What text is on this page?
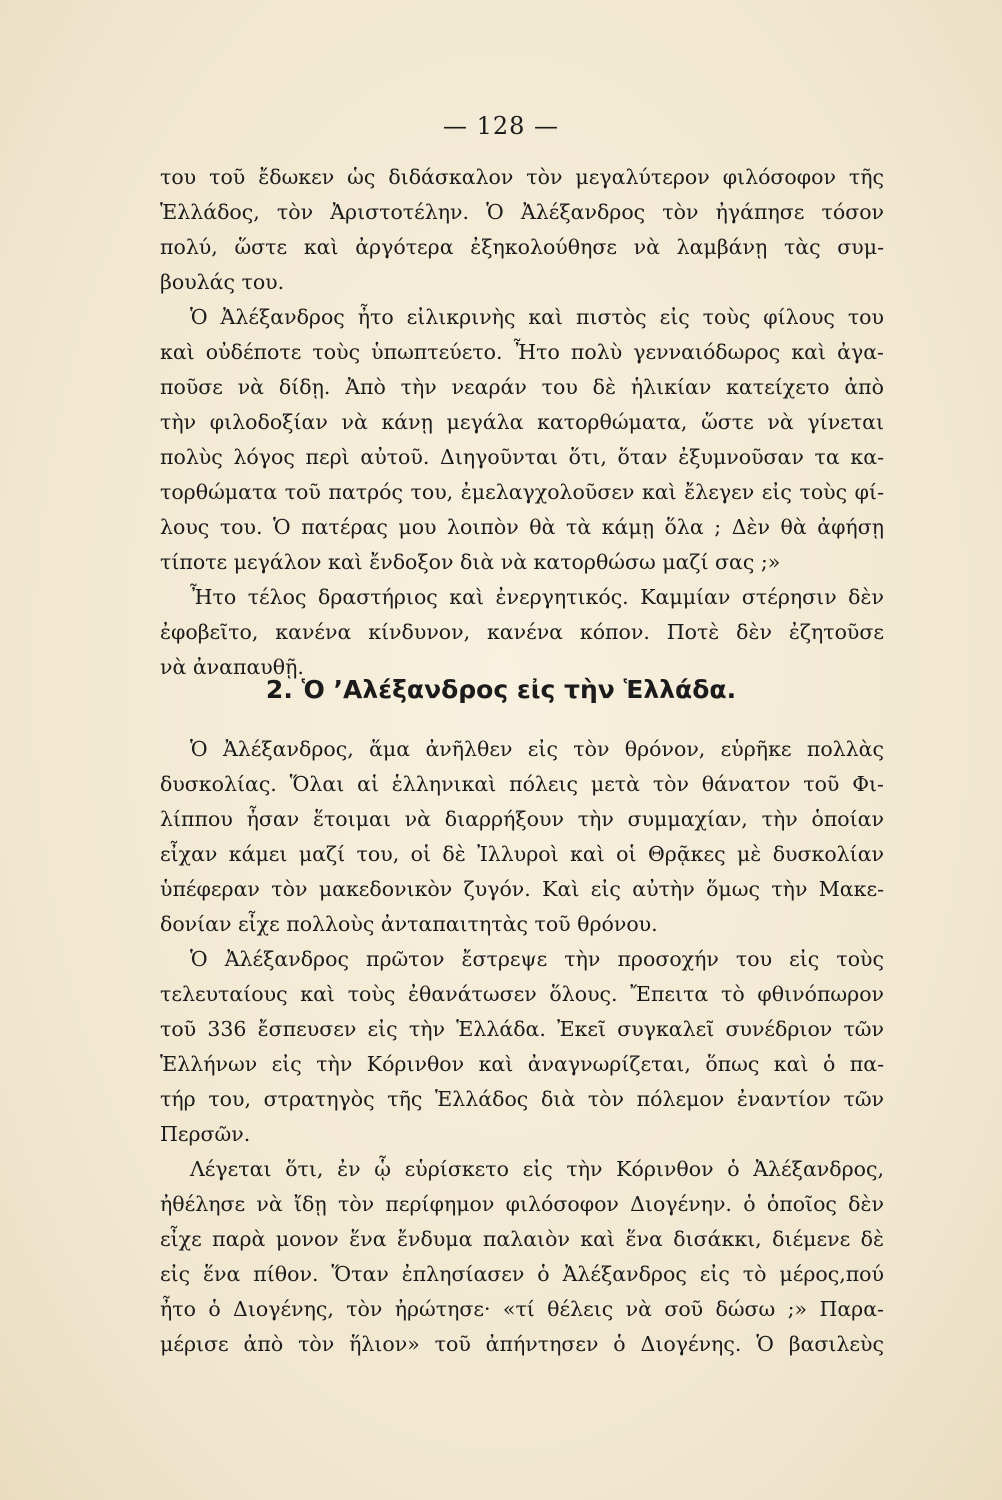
— 128 —
του τοῦ ἔδωκεν ὡς διδάσκαλον τὸν μεγαλύτερον φιλόσοφον τῆς
Ἑλλάδος, τὸν Ἀριστοτέλην. Ὁ Ἀλέξανδρος τὸν ἠγάπησε τόσον
πολύ, ὥστε καὶ ἀργότερα ἐξηκολούθησε νὰ λαμβάνῃ τὰς συμ-
βουλάς του.
Ὁ Ἀλέξανδρος ἦτο εἰλικρινὴς καὶ πιστὸς εἰς τοὺς φίλους του
καὶ οὐδέποτε τοὺς ὑπωπτεύετο. Ἦτο πολὺ γενναιόδωρος καὶ ἀγα-
ποῦσε νὰ δίδῃ. Ἀπὸ τὴν νεαράν του δὲ ἡλικίαν κατείχετο ἀπὸ
τὴν φιλοδοξίαν νὰ κάνῃ μεγάλα κατορθώματα, ὥστε νὰ γίνεται
πολὺς λόγος περὶ αὐτοῦ. Διηγοῦνται ὅτι, ὅταν ἐξυμνοῦσαν τα κα-
τορθώματα τοῦ πατρός του, ἐμελαγχολοῦσεν καὶ ἔλεγεν εἰς τοὺς φί-
λους του. Ὁ πατέρας μου λοιπὸν θὰ τὰ κάμῃ ὅλα ; Δὲν θὰ ἀφήσῃ
τίποτε μεγάλον καὶ ἔνδοξον διὰ νὰ κατορθώσω μαζί σας ;»
Ἦτο τέλος δραστήριος καὶ ἐνεργητικός. Καμμίαν στέρησιν δὲν
ἐφοβεῖτο, κανένα κίνδυνον, κανένα κόπον. Ποτὲ δὲν ἐζητοῦσε
νὰ ἀναπαυθῇ.
2. Ὁ ’Αλέξανδρος εἰς τὴν Ἑλλάδα.
Ὁ Ἀλέξανδρος, ἅμα ἀνῆλθεν εἰς τὸν θρόνον, εὑρῆκε πολλὰς
δυσκολίας. Ὅλαι αἱ ἑλληνικαὶ πόλεις μετὰ τὸν θάνατον τοῦ Φι-
λίππου ἦσαν ἕτοιμαι νὰ διαρρήξουν τὴν συμμαχίαν, τὴν ὁποίαν
εἶχαν κάμει μαζί του, οἱ δὲ Ἰλλυροὶ καὶ οἱ Θρᾷκες μὲ δυσκολίαν
ὑπέφεραν τὸν μακεδονικὸν ζυγόν. Καὶ εἰς αὐτὴν ὅμως τὴν Μακε-
δονίαν εἶχε πολλοὺς ἀνταπαιτητὰς τοῦ θρόνου.
Ὁ Ἀλέξανδρος πρῶτον ἔστρεψε τὴν προσοχήν του εἰς τοὺς
τελευταίους καὶ τοὺς ἐθανάτωσεν ὅλους. Ἔπειτα τὸ φθινόπωρον
τοῦ 336 ἔσπευσεν εἰς τὴν Ἑλλάδα. Ἐκεῖ συγκαλεῖ συνέδριον τῶν
Ἑλλήνων εἰς τὴν Κόρινθον καὶ ἀναγνωρίζεται, ὅπως καὶ ὁ πα-
τήρ του, στρατηγὸς τῆς Ἑλλάδος διὰ τὸν πόλεμον ἐναντίον τῶν
Περσῶν.
Λέγεται ὅτι, ἐν ᾧ εὑρίσκετο εἰς τὴν Κόρινθον ὁ Ἀλέξανδρος,
ἠθέλησε νὰ ἴδῃ τὸν περίφημον φιλόσοφον Διογένην. ὁ ὁποῖος δὲν
εἶχε παρὰ μονον ἕνα ἔνδυμα παλαιὸν καὶ ἕνα δισάκκι, διέμενε δὲ
εἰς ἕνα πίθον. Ὅταν ἐπλησίασεν ὁ Ἀλέξανδρος εἰς τὸ μέρος,πού
ἦτο ὁ Διογένης, τὸν ἠρώτησε· «τί θέλεις νὰ σοῦ δώσω ;» Παρα-
μέρισε ἀπὸ τὸν ἥλιον» τοῦ ἀπήντησεν ὁ Διογένης. Ὁ βασιλεὺς
